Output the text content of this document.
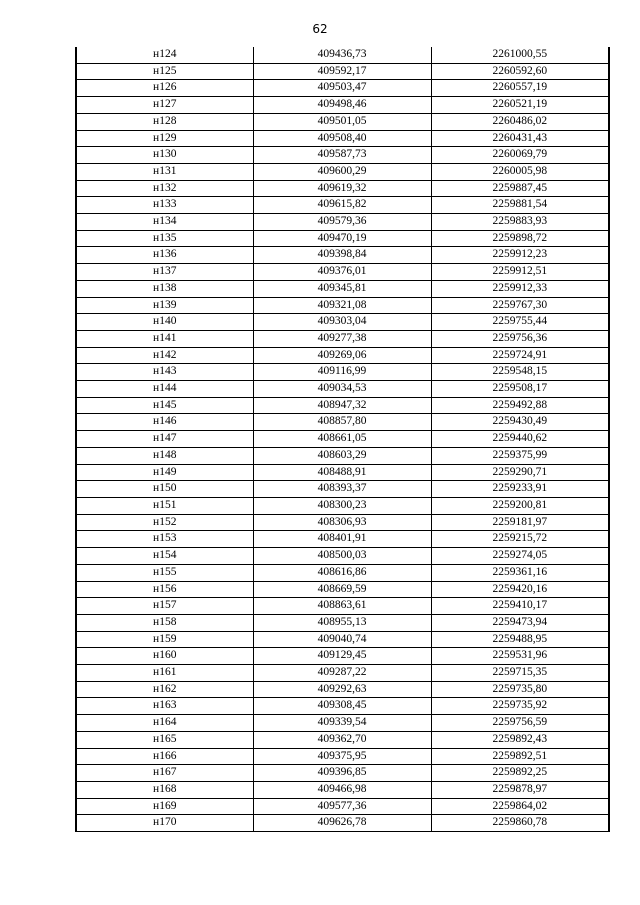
62
н124	409436,73	2261000,55
н125	409592,17	2260592,60
н126	409503,47	2260557,19
н127	409498,46	2260521,19
н128	409501,05	2260486,02
н129	409508,40	2260431,43
н130	409587,73	2260069,79
н131	409600,29	2260005,98
н132	409619,32	2259887,45
н133	409615,82	2259881,54
н134	409579,36	2259883,93
н135	409470,19	2259898,72
н136	409398,84	2259912,23
н137	409376,01	2259912,51
н138	409345,81	2259912,33
н139	409321,08	2259767,30
н140	409303,04	2259755,44
н141	409277,38	2259756,36
н142	409269,06	2259724,91
н143	409116,99	2259548,15
н144	409034,53	2259508,17
н145	408947,32	2259492,88
н146	408857,80	2259430,49
н147	408661,05	2259440,62
н148	408603,29	2259375,99
н149	408488,91	2259290,71
н150	408393,37	2259233,91
н151	408300,23	2259200,81
н152	408306,93	2259181,97
н153	408401,91	2259215,72
н154	408500,03	2259274,05
н155	408616,86	2259361,16
н156	408669,59	2259420,16
н157	408863,61	2259410,17
н158	408955,13	2259473,94
н159	409040,74	2259488,95
н160	409129,45	2259531,96
н161	409287,22	2259715,35
н162	409292,63	2259735,80
н163	409308,45	2259735,92
н164	409339,54	2259756,59
н165	409362,70	2259892,43
н166	409375,95	2259892,51
н167	409396,85	2259892,25
н168	409466,98	2259878,97
н169	409577,36	2259864,02
н170	409626,78	2259860,78
